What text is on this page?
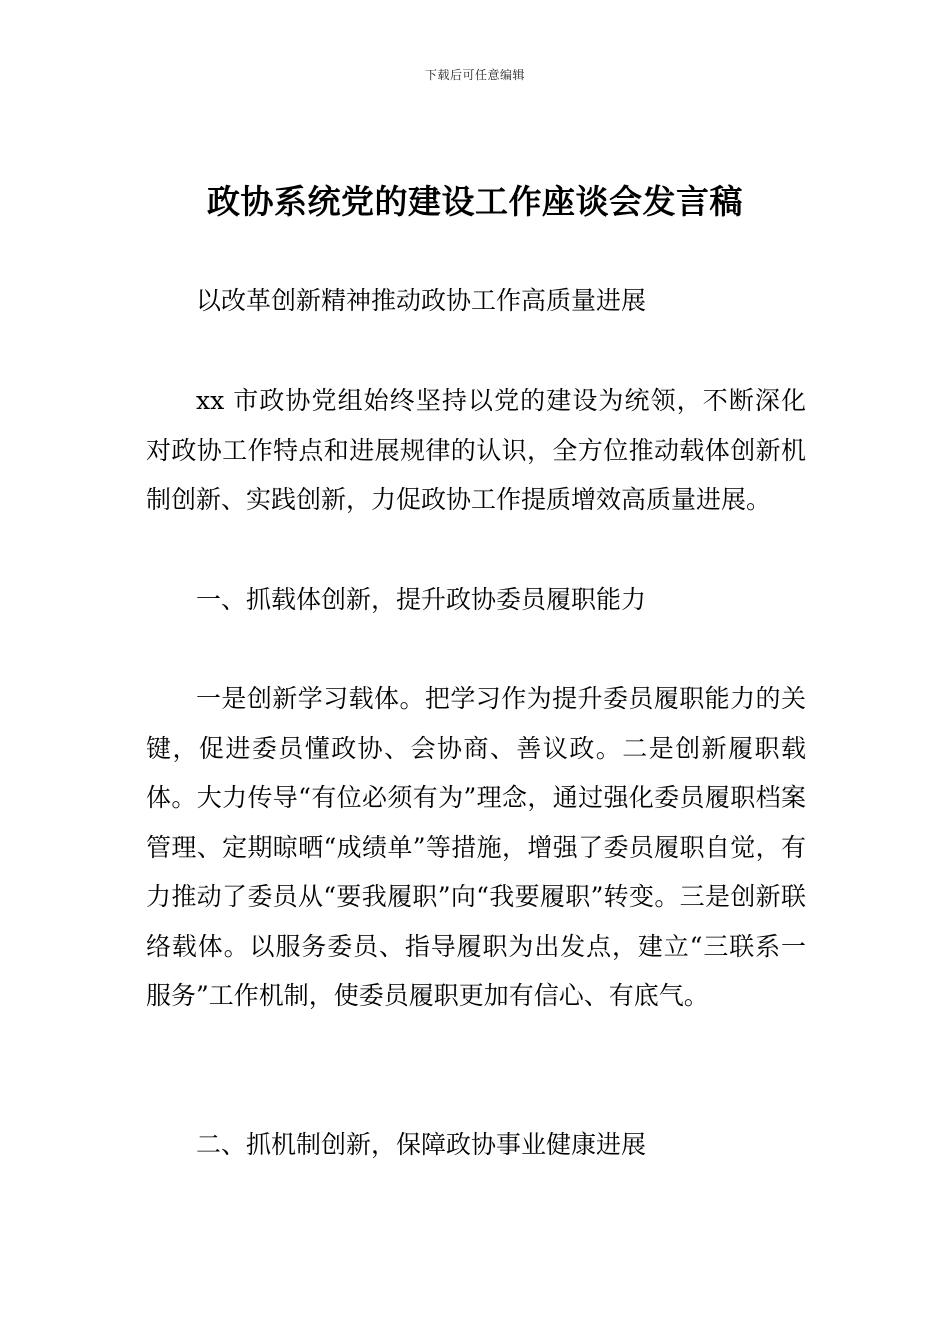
下载后可任意编辑
政协系统党的建设工作座谈会发言稿

以改革创新精神推动政协工作高质量进展

xx 市政协党组始终坚持以党的建设为统领，不断深化对政协工作特点和进展规律的认识，全方位推动载体创新机制创新、实践创新，力促政协工作提质增效高质量进展。

一、抓载体创新，提升政协委员履职能力

一是创新学习载体。把学习作为提升委员履职能力的关键，促进委员懂政协、会协商、善议政。二是创新履职载体。大力传导“有位必须有为”理念，通过强化委员履职档案管理、定期晾晒“成绩单”等措施，增强了委员履职自觉，有力推动了委员从“要我履职”向“我要履职”转变。三是创新联络载体。以服务委员、指导履职为出发点，建立“三联系一服务”工作机制，使委员履职更加有信心、有底气。

二、抓机制创新，保障政协事业健康进展
